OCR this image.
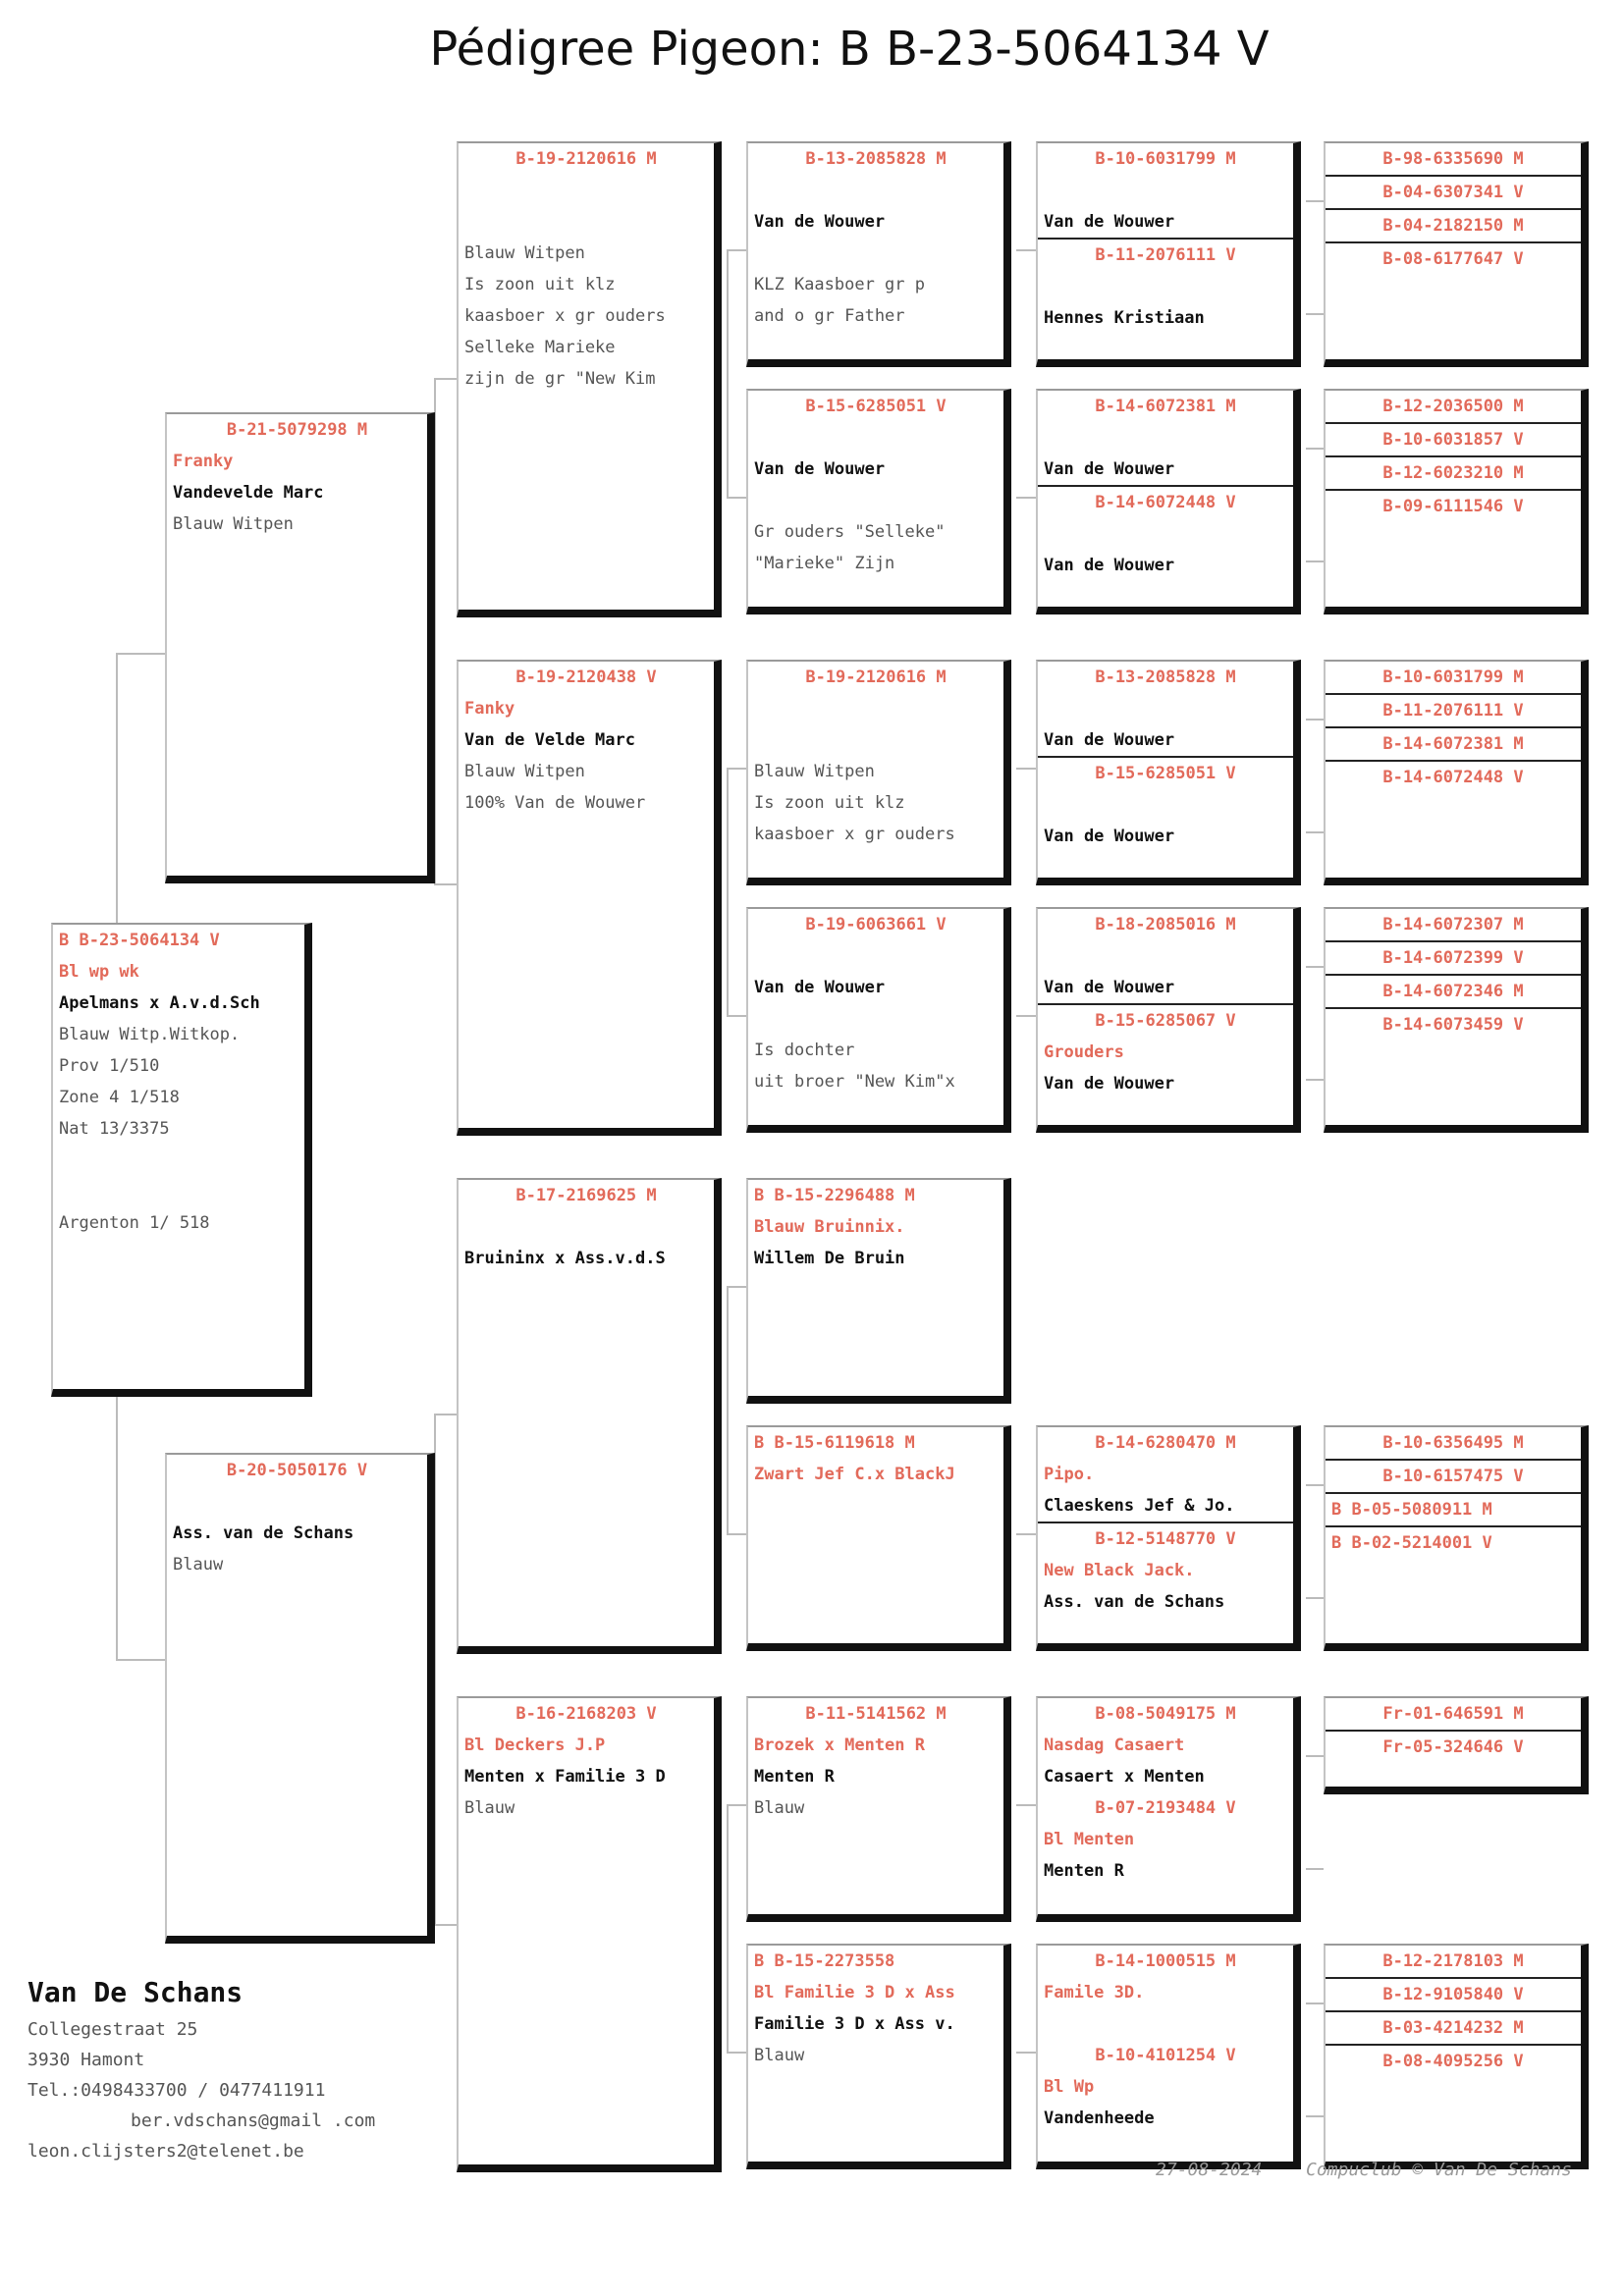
Pédigree Pigeon: B B-23-5064134 V
B B-23-5064134 V
Bl wp wk
Apelmans x A.v.d.Sch
Blauw Witp.Witkop.
Prov 1/510
Zone 4 1/518
Nat 13/3375
Argenton 1/ 518
B-21-5079298 M
Franky
Vandevelde Marc
Blauw Witpen
B-20-5050176 V
Ass. van de Schans
Blauw
B-19-2120616 M
Blauw Witpen
Is zoon uit klz
kaasboer x gr ouders
Selleke Marieke
zijn de gr "New Kim
B-19-2120438 V
Fanky
Van de Velde Marc
Blauw Witpen
100% Van de Wouwer
B-17-2169625 M
Bruininx x Ass.v.d.S
B-16-2168203 V
Bl Deckers J.P
Menten x Familie 3 D
Blauw
B-13-2085828 M
Van de Wouwer
KLZ Kaasboer gr p
and o gr Father
B-15-6285051 V
Van de Wouwer
Gr ouders "Selleke"
"Marieke" Zijn
B-19-2120616 M
Blauw Witpen
Is zoon uit klz
kaasboer x gr ouders
B-19-6063661 V
Van de Wouwer
Is dochter
uit broer "New Kim"x
B B-15-2296488 M
Blauw Bruinnix.
Willem De Bruin
B B-15-6119618 M
Zwart Jef C.x BlackJ
B-11-5141562 M
Brozek x Menten R
Menten R
Blauw
B B-15-2273558
Bl Familie 3 D x Ass
Familie 3 D x Ass v.
Blauw
B-10-6031799 M
Van de Wouwer
B-11-2076111 V
Hennes Kristiaan
B-14-6072381 M
Van de Wouwer
B-14-6072448 V
Van de Wouwer
B-13-2085828 M
Van de Wouwer
B-15-6285051 V
Van de Wouwer
B-18-2085016 M
Van de Wouwer
B-15-6285067 V
Grouders
Van de Wouwer
B-14-6280470 M
Pipo.
Claeskens Jef & Jo.
B-12-5148770 V
New Black Jack.
Ass. van de Schans
B-08-5049175 M
Nasdag Casaert
Casaert x Menten
B-07-2193484 V
Bl Menten
Menten R
B-14-1000515 M
Famile 3D.
B-10-4101254 V
Bl Wp
Vandenheede
B-98-6335690 M
B-04-6307341 V
B-04-2182150 M
B-08-6177647 V
B-12-2036500 M
B-10-6031857 V
B-12-6023210 M
B-09-6111546 V
B-10-6031799 M
B-11-2076111 V
B-14-6072381 M
B-14-6072448 V
B-14-6072307 M
B-14-6072399 V
B-14-6072346 M
B-14-6073459 V
B-10-6356495 M
B-10-6157475 V
B B-05-5080911 M
B B-02-5214001 V
Fr-01-646591 M
Fr-05-324646 V
B-12-2178103 M
B-12-9105840 V
B-03-4214232 M
B-08-4095256 V
Van De Schans
Collegestraat 25
3930 Hamont
Tel.:0498433700 / 0477411911
ber.vdschans@gmail .com
leon.clijsters2@telenet.be
27-08-2024 Compuclub © Van De Schans
